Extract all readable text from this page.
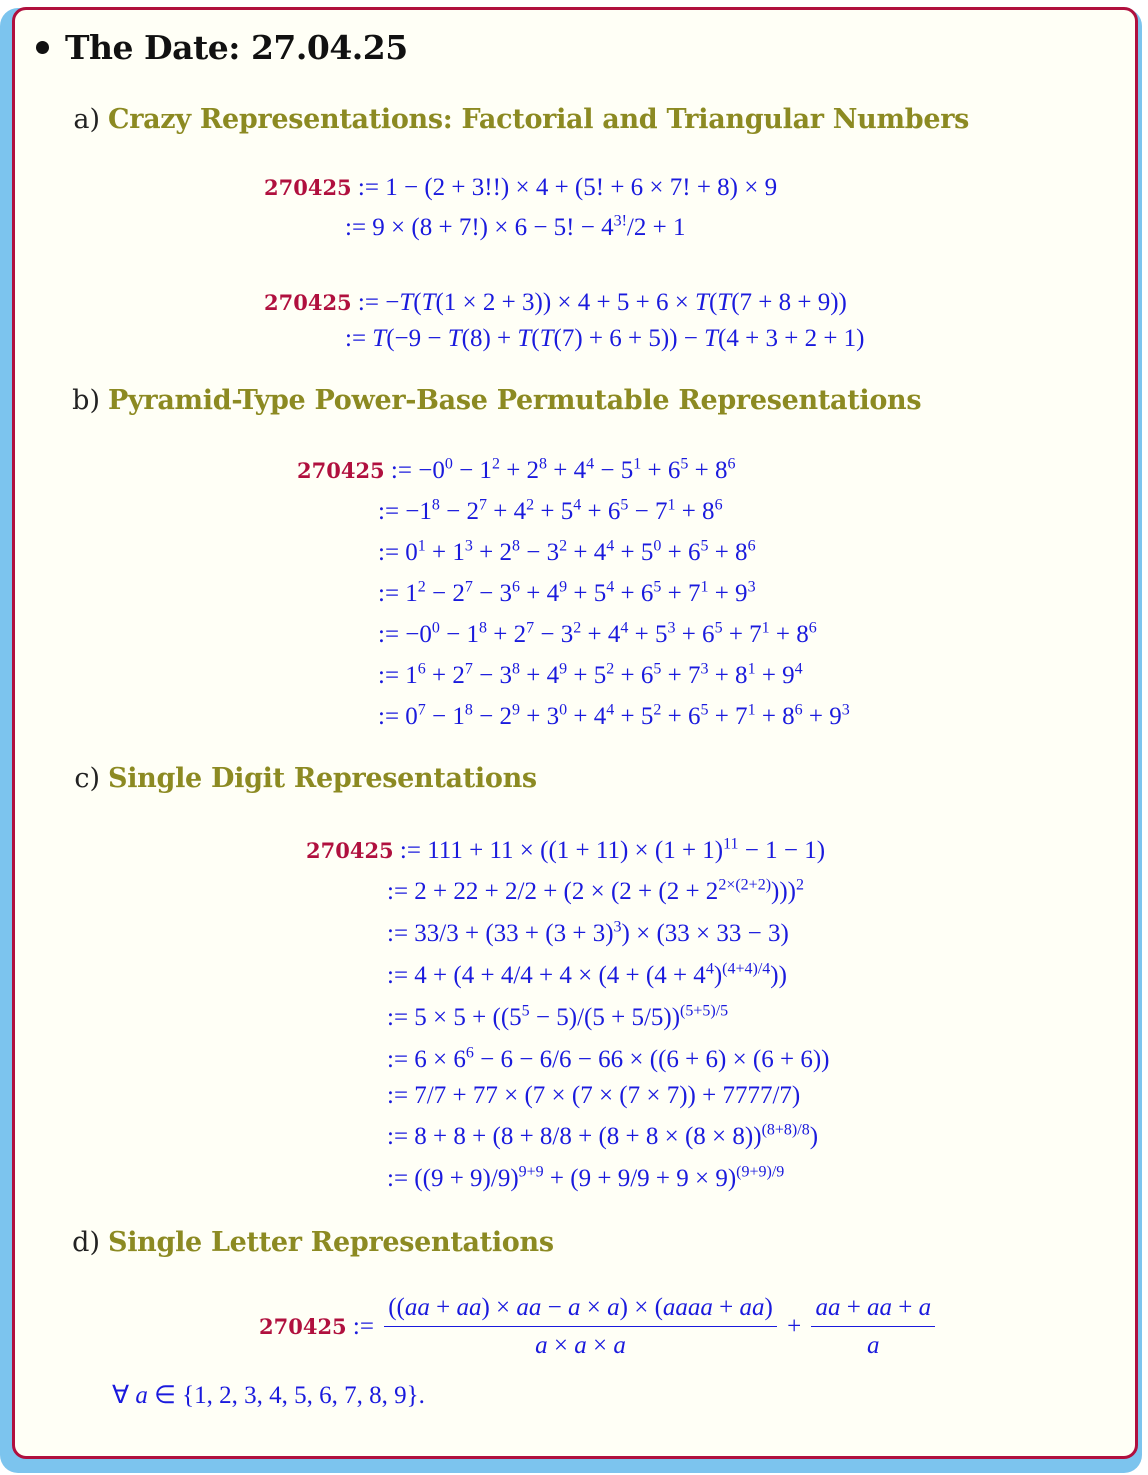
The Date: 27.04.25
a) Crazy Representations: Factorial and Triangular Numbers
270425 := 1 − (2 + 3!!) × 4 + (5! + 6 × 7! + 8) × 9
:= 9 × (8 + 7!) × 6 − 5! − $4^{3!}/2 + 1$
270425 := −T(T(1 × 2 + 3)) × 4 + 5 + 6 × T(T(7 + 8 + 9))
:= T(−9 − T(8) + T(T(7) + 6 + 5)) − T(4 + 3 + 2 + 1)
b) Pyramid-Type Power-Base Permutable Representations
270425 := $-0^0 - 1^2 + 2^8 + 4^4 - 5^1 + 6^5 + 8^6$
:= $-1^8 - 2^7 + 4^2 + 5^4 + 6^5 - 7^1 + 8^6$
:= $0^1 + 1^3 + 2^8 - 3^2 + 4^4 + 5^0 + 6^5 + 8^6$
:= $1^2 - 2^7 - 3^6 + 4^9 + 5^4 + 6^5 + 7^1 + 9^3$
:= $-0^0 - 1^8 + 2^7 - 3^2 + 4^4 + 5^3 + 6^5 + 7^1 + 8^6$
:= $1^6 + 2^7 - 3^8 + 4^9 + 5^2 + 6^5 + 7^3 + 8^1 + 9^4$
:= $0^7 - 1^8 - 2^9 + 3^0 + 4^4 + 5^2 + 6^5 + 7^1 + 8^6 + 9^3$
c) Single Digit Representations
270425 := $111 + 11 \times ((1 + 11) \times (1 + 1)^{11} - 1 - 1)$
:= $2 + 22 + 2/2 + (2 \times (2 + (2 + 2^{2\times(2+2)})))^2$
:= $33/3 + (33 + (3 + 3)^3) \times (33 \times 33 - 3)$
:= $4 + (4 + 4/4 + 4 \times (4 + (4 + 4^4)^{(4+4)/4}))$
:= $5 \times 5 + ((5^5 - 5)/(5 + 5/5))^{(5+5)/5}$
:= $6 \times 6^6 - 6 - 6/6 - 66 \times ((6 + 6) \times (6 + 6))$
:= 7/7 + 77 × (7 × (7 × (7 × 7)) + 7777/7)
:= $8 + 8 + (8 + 8/8 + (8 + 8 \times (8 \times 8))^{(8+8)/8})$
:= $((9 + 9)/9)^{9+9} + (9 + 9/9 + 9 \times 9)^{(9+9)/9}$
d) Single Letter Representations
270425 := $\frac{\text{((aa + aa) × aa − a × a) × (aaaa + aa)}}{a \times a \times a} + \frac{aa + aa + a}{a}$
∀ a ∈ {1, 2, 3, 4, 5, 6, 7, 8, 9}.
